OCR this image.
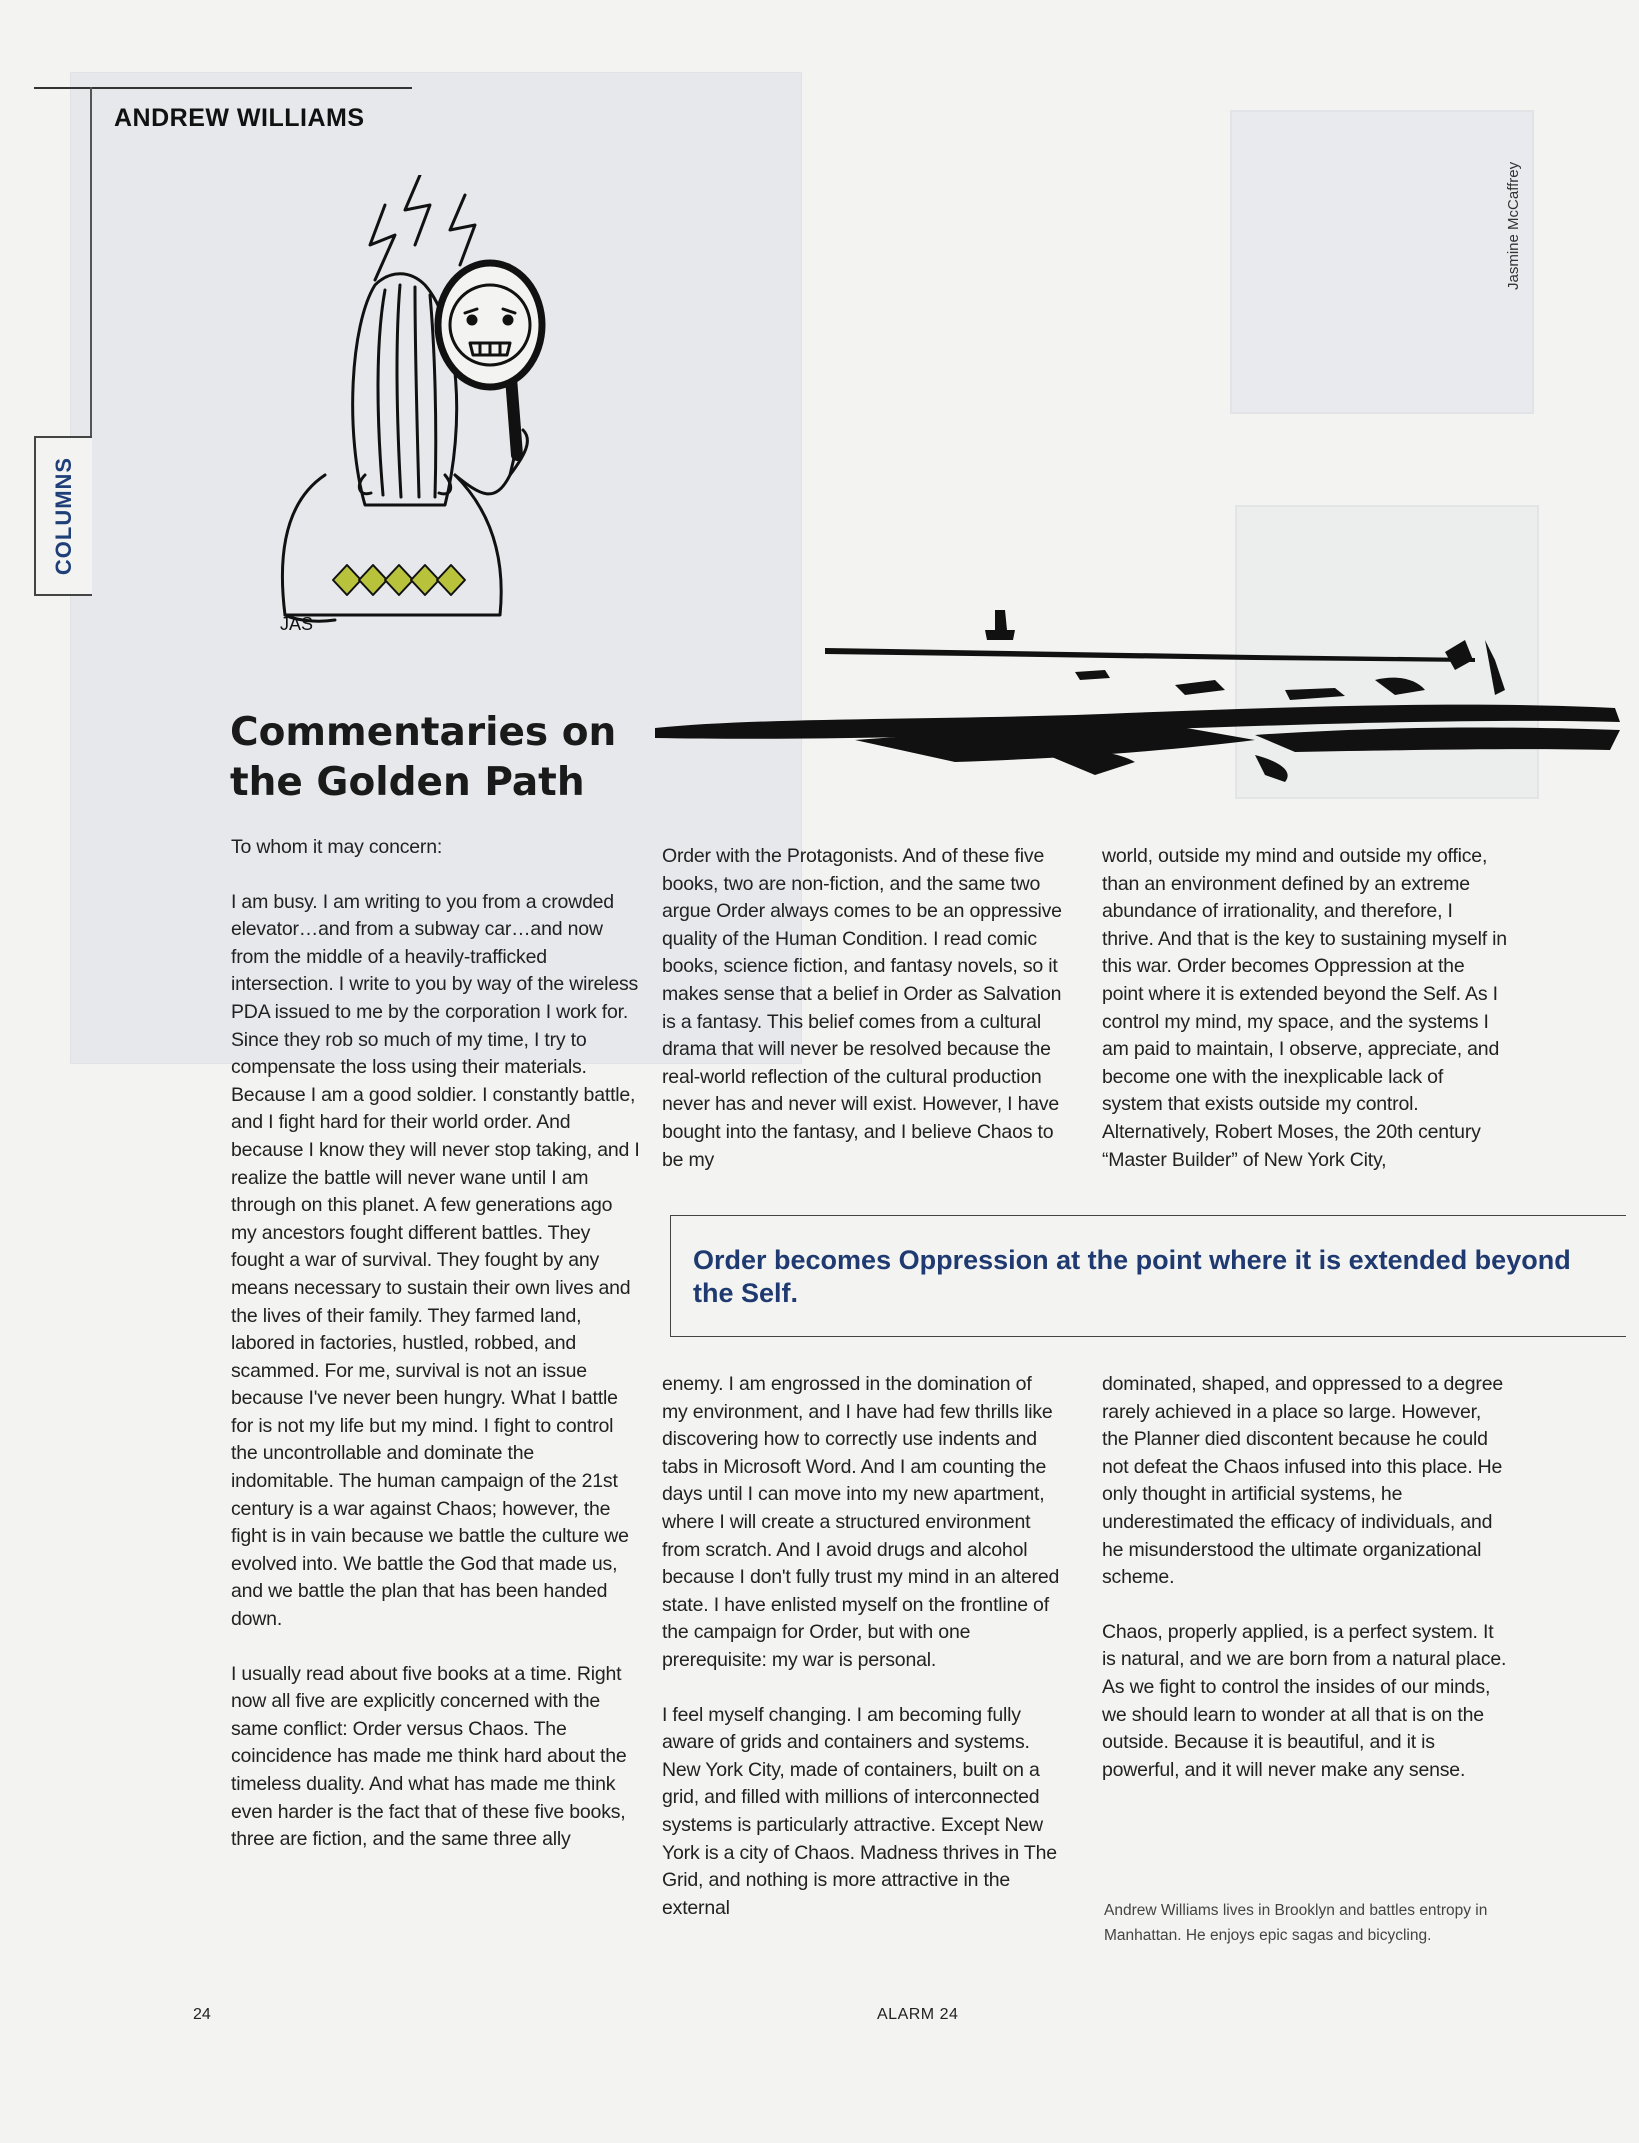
ANDREW WILLIAMS
COLUMNS
JAS
Jasmine McCaffrey
Commentaries on
the Golden Path

To whom it may concern:

I am busy. I am writing to you from a crowded elevator…and from a subway car…and now from the middle of a heavily-trafficked intersection. I write to you by way of the wireless PDA issued to me by the corporation I work for. Since they rob so much of my time, I try to compensate the loss using their materials. Because I am a good soldier. I constantly battle, and I fight hard for their world order. And because I know they will never stop taking, and I realize the battle will never wane until I am through on this planet. A few generations ago my ancestors fought different battles. They fought a war of survival. They fought by any means necessary to sustain their own lives and the lives of their family. They farmed land, labored in factories, hustled, robbed, and scammed. For me, survival is not an issue because I've never been hungry. What I battle for is not my life but my mind. I fight to control the uncontrollable and dominate the indomitable. The human campaign of the 21st century is a war against Chaos; however, the fight is in vain because we battle the culture we evolved into. We battle the God that made us, and we battle the plan that has been handed down.

I usually read about five books at a time. Right now all five are explicitly concerned with the same conflict: Order versus Chaos. The coincidence has made me think hard about the timeless duality. And what has made me think even harder is the fact that of these five books, three are fiction, and the same three ally

Order with the Protagonists. And of these five books, two are non-fiction, and the same two argue Order always comes to be an oppressive quality of the Human Condition. I read comic books, science fiction, and fantasy novels, so it makes sense that a belief in Order as Salvation is a fantasy. This belief comes from a cultural drama that will never be resolved because the real-world reflection of the cultural production never has and never will exist. However, I have bought into the fantasy, and I believe Chaos to be my

world, outside my mind and outside my office, than an environment defined by an extreme abundance of irrationality, and therefore, I thrive. And that is the key to sustaining myself in this war. Order becomes Oppression at the point where it is extended beyond the Self. As I control my mind, my space, and the systems I am paid to maintain, I observe, appreciate, and become one with the inexplicable lack of system that exists outside my control. Alternatively, Robert Moses, the 20th century “Master Builder” of New York City,

Order becomes Oppression at the point where it is extended beyond the Self.

enemy. I am engrossed in the domination of my environment, and I have had few thrills like discovering how to correctly use indents and tabs in Microsoft Word. And I am counting the days until I can move into my new apartment, where I will create a structured environment from scratch. And I avoid drugs and alcohol because I don't fully trust my mind in an altered state. I have enlisted myself on the frontline of the campaign for Order, but with one prerequisite: my war is personal.

I feel myself changing. I am becoming fully aware of grids and containers and systems. New York City, made of containers, built on a grid, and filled with millions of interconnected systems is particularly attractive. Except New York is a city of Chaos. Madness thrives in The Grid, and nothing is more attractive in the external

dominated, shaped, and oppressed to a degree rarely achieved in a place so large. However, the Planner died discontent because he could not defeat the Chaos infused into this place. He only thought in artificial systems, he underestimated the efficacy of individuals, and he misunderstood the ultimate organizational scheme.

Chaos, properly applied, is a perfect system. It is natural, and we are born from a natural place. As we fight to control the insides of our minds, we should learn to wonder at all that is on the outside. Because it is beautiful, and it is powerful, and it will never make any sense.

Andrew Williams lives in Brooklyn and battles entropy in Manhattan. He enjoys epic sagas and bicycling.
24	ALARM 24
